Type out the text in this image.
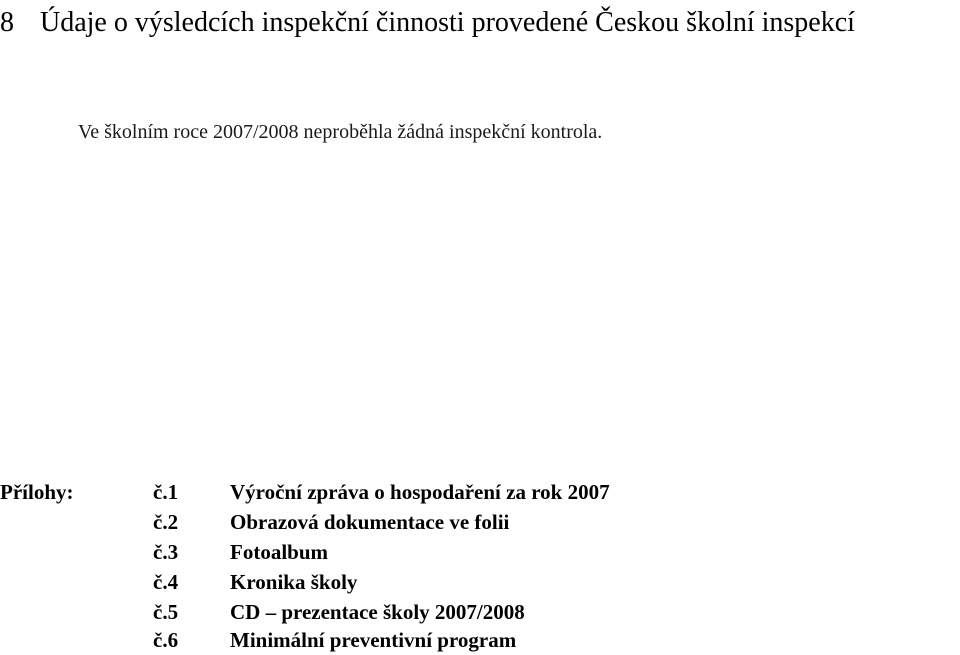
8 Údaje o výsledcích inspekční činnosti provedené Českou školní inspekcí
Ve školním roce 2007/2008 neproběhla žádná inspekční kontrola.
Přílohy:	č.1 Výroční zpráva o hospodaření za rok 2007
č.2 Obrazová dokumentace ve folii
č.3 Fotoalbum
č.4 Kronika školy
č.5 CD – prezentace školy 2007/2008
č.6 Minimální preventivní program
